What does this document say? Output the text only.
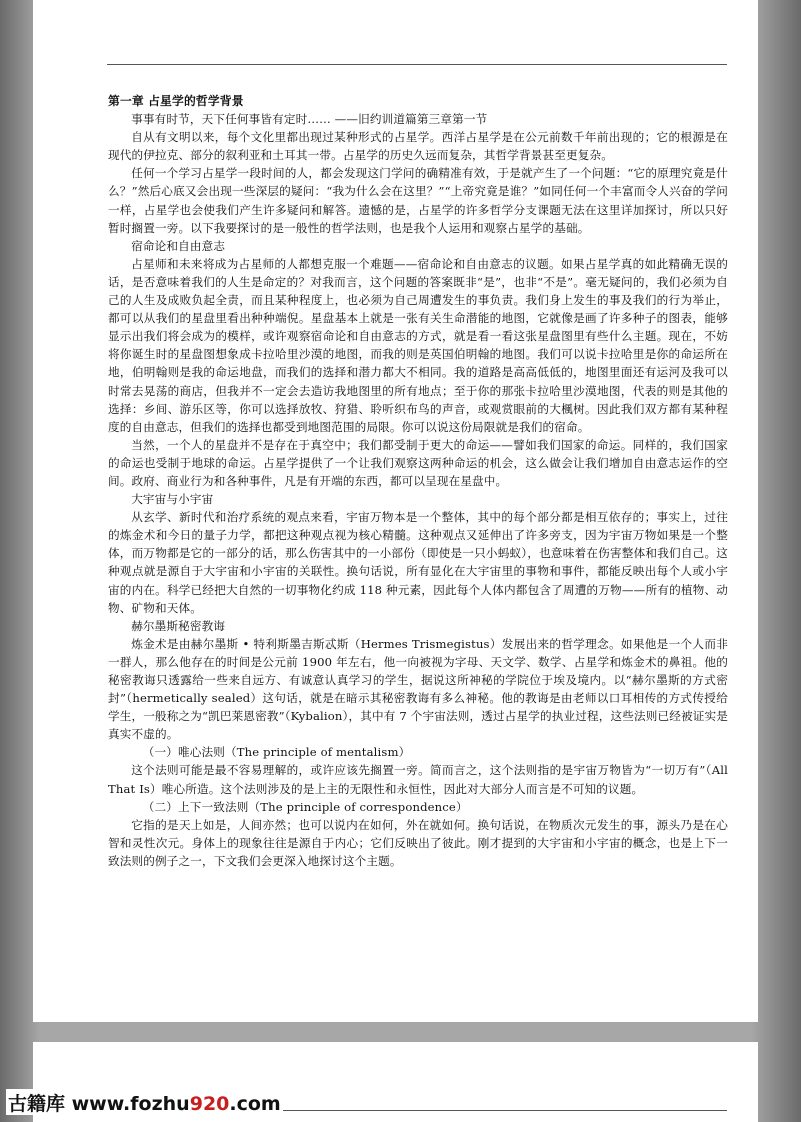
第一章 占星学的哲学背景

事事有时节，天下任何事皆有定时…… ——旧约训道篇第三章第一节

自从有文明以来，每个文化里都出现过某种形式的占星学。西洋占星学是在公元前数千年前出现的；它的根源是在现代的伊拉克、部分的叙利亚和土耳其一带。占星学的历史久远而复杂，其哲学背景甚至更复杂。

任何一个学习占星学一段时间的人，都会发现这门学问的确精准有效，于是就产生了一个问题：“它的原理究竟是什么？”然后心底又会出现一些深层的疑问：“我为什么会在这里？”“上帝究竟是谁？”如同任何一个丰富而令人兴奋的学问一样，占星学也会使我们产生许多疑问和解答。遗憾的是，占星学的许多哲学分支课题无法在这里详加探讨，所以只好暂时搁置一旁。以下我要探讨的是一般性的哲学法则，也是我个人运用和观察占星学的基础。

宿命论和自由意志

占星师和未来将成为占星师的人都想克服一个难题——宿命论和自由意志的议题。如果占星学真的如此精确无误的话，是否意味着我们的人生是命定的？对我而言，这个问题的答案既非“是”，也非“不是”。毫无疑问的，我们必须为自己的人生及成败负起全责，而且某种程度上，也必须为自己周遭发生的事负责。我们身上发生的事及我们的行为举止，都可以从我们的星盘里看出种种端倪。星盘基本上就是一张有关生命潜能的地图，它就像是画了许多种子的图表，能够显示出我们将会成为的模样，或许观察宿命论和自由意志的方式，就是看一看这张星盘图里有些什么主题。现在，不妨将你诞生时的星盘图想象成卡拉哈里沙漠的地图，而我的则是英国伯明翰的地图。我们可以说卡拉哈里是你的命运所在地，伯明翰则是我的命运地盘，而我们的选择和潜力都大不相同。我的道路是高高低低的，地图里面还有运河及我可以时常去晃荡的商店，但我并不一定会去造访我地图里的所有地点；至于你的那张卡拉哈里沙漠地图，代表的则是其他的选择：乡间、游乐区等，你可以选择放牧、狩猎、聆听织布鸟的声音，或观赏眼前的大楓树。因此我们双方都有某种程度的自由意志，但我们的选择也都受到地图范围的局限。你可以说这份局限就是我们的宿命。

当然，一个人的星盘并不是存在于真空中；我们都受制于更大的命运——譬如我们国家的命运。同样的，我们国家的命运也受制于地球的命运。占星学提供了一个让我们观察这两种命运的机会，这么做会让我们增加自由意志运作的空间。政府、商业行为和各种事件，凡是有开端的东西，都可以呈现在星盘中。

大宇宙与小宇宙

从玄学、新时代和治疗系统的观点来看，宇宙万物本是一个整体，其中的每个部分都是相互依存的；事实上，过往的炼金术和今日的量子力学，都把这种观点视为核心精髓。这种观点又延伸出了许多旁支，因为宇宙万物如果是一个整体，而万物都是它的一部分的话，那么伤害其中的一小部份（即使是一只小蚂蚁），也意味着在伤害整体和我们自己。这种观点就是源自于大宇宙和小宇宙的关联性。换句话说，所有显化在大宇宙里的事物和事件，都能反映出每个人或小宇宙的内在。科学已经把大自然的一切事物化约成 118 种元素，因此每个人体内都包含了周遭的万物——所有的植物、动物、矿物和天体。

赫尔墨斯秘密教诲

炼金术是由赫尔墨斯 • 特利斯墨吉斯忒斯（Hermes Trismegistus）发展出来的哲学理念。如果他是一个人而非一群人，那么他存在的时间是公元前 1900 年左右，他一向被视为字母、天文学、数学、占星学和炼金术的鼻祖。他的秘密教诲只透露给一些来自远方、有诚意认真学习的学生，据说这所神秘的学院位于埃及境内。以“赫尔墨斯的方式密封”（hermetically sealed）这句话，就是在暗示其秘密教诲有多么神秘。他的教诲是由老师以口耳相传的方式传授给学生，一般称之为“凯巴莱恩密教”（Kybalion），其中有 7 个宇宙法则，透过占星学的执业过程，这些法则已经被证实是真实不虚的。

（一）唯心法则（The principle of mentalism）

这个法则可能是最不容易理解的，或许应该先搁置一旁。简而言之，这个法则指的是宇宙万物皆为“一切万有”（All That Is）唯心所造。这个法则涉及的是上主的无限性和永恒性，因此对大部分人而言是不可知的议题。

（二）上下一致法则（The principle of correspondence）

它指的是天上如是，人间亦然；也可以说内在如何，外在就如何。换句话说，在物质次元发生的事，源头乃是在心智和灵性次元。身体上的现象往往是源自于内心；它们反映出了彼此。刚才提到的大宇宙和小宇宙的概念，也是上下一致法则的例子之一，下文我们会更深入地探讨这个主题。

古籍库 www.fozhu920.com
